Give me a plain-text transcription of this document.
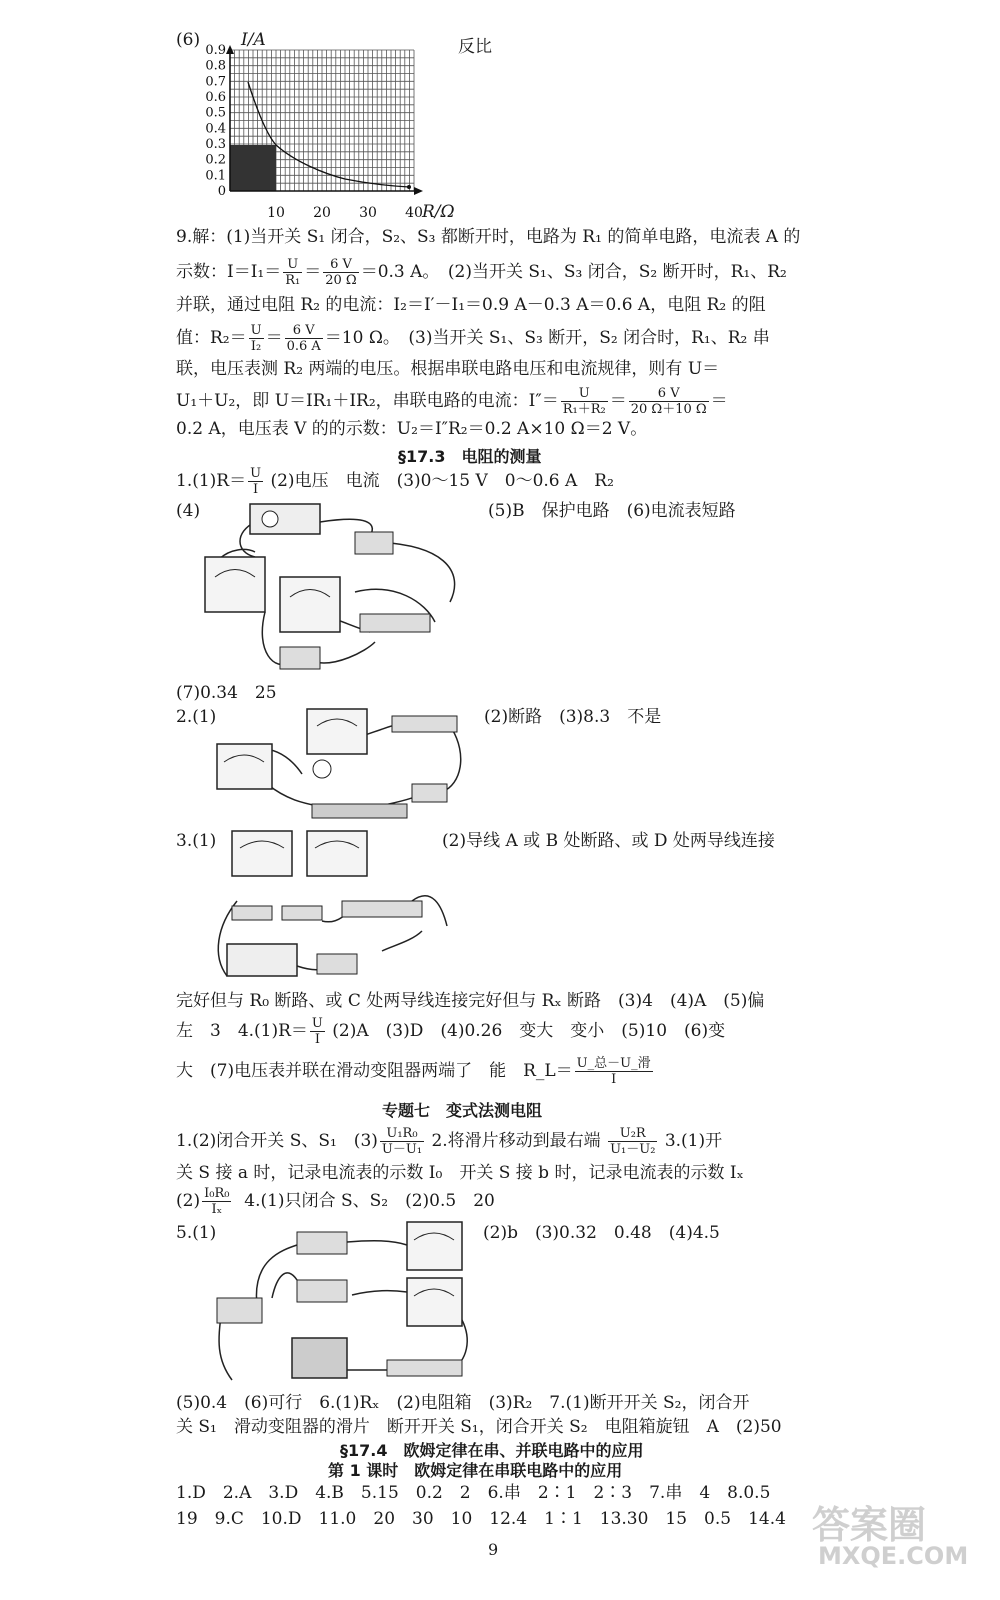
(6) I/A	反比
R/Ω
0
0.1
0.2
0.3
0.4
0.5
0.6
0.7
0.8
0.9
10 20 30 40
9.解：(1)当开关 S₁ 闭合，S₂、S₃ 都断开时，电路为 R₁ 的简单电路，电流表 A 的
示数：$I=I_1= \frac{U}{\text{R₁}} = \frac{6 V}{20 \Omega} =0.3$ A。　(2)当开关 S₁、S₃ 闭合，S₂ 断开时，R₁、R₂
并联，通过电阻 R₂ 的电流：I₂＝I′－I₁＝0.9 A－0.3 A＝0.6 A，电阻 R₂ 的阻
值：$R_2= \frac{U}{\text{I₂}} = \frac{6 V}{0.6 A} =10$ Ω。　(3)当开关 S₁、S₃ 断开，S₂ 闭合时，R₁、R₂ 串
联，电压表测 R₂ 两端的电压。根据串联电路电压和电流规律，则有 U＝
U₁＋U₂，即 U＝IR₁＋IR₂，串联电路的电流：$I''= \frac{U}{\text{R₁＋R₂}} = \frac{6 V}{20 \Omega+10 \Omega}$ ＝
0.2 A，电压表 V 的的示数：U₂＝I″R₂＝0.2 A×10 Ω＝2 V。
§17.3　电阻的测量
$1.(1)R= \frac{U}{I} (2)$电压　电流　(3)0～15 V　0～0.6 A　R₂
(4)	(5)B　保护电路　(6)电流表短路
(7)0.34　25
2.(1)	(2)断路　(3)8.3　不是
3.(1)	(2)导线 A 或 B 处断路、或 D 处两导线连接
完好但与 R₀ 断路、或 C 处两导线连接完好但与 Rₓ 断路　(3)4　(4)A　(5)偏
左　3　$4.(1)R= \frac{U}{I} (2)A$　(3)D　(4)0.26　变大　变小　(5)10　(6)变
大　(7)电压表并联在滑动变阻器两端了　能　R_L＝ $\frac{\text{U\_总－U\_滑}}{I}$
专题七　变式法测电阻
1.(2)闭合开关 S、S₁　$(3) \frac{\text{U₁R₀}}{\text{U－U₁}} 2$.将滑片移动到最右端 $\frac{\text{U₂R}}{\text{U₁－U₂}} 3.(1)$开
关 S 接 a 时，记录电流表的示数 I₀　开关 S 接 b 时，记录电流表的示数 Iₓ
$(2) \frac{\text{I₀R₀}}{\text{Iₓ}} 4.(1)$只闭合 S、S₂　(2)0.5　20
5.(1)	(2)b　(3)0.32　0.48　(4)4.5
(5)0.4　(6)可行　6.(1)Rₓ　(2)电阻箱　(3)R₂　7.(1)断开开关 S₂，闭合开
关 S₁　滑动变阻器的滑片　断开开关 S₁，闭合开关 S₂　电阻箱旋钮　A　(2)50
§17.4　欧姆定律在串、并联电路中的应用
第 1 课时　欧姆定律在串联电路中的应用
1.D　2.A　3.D　4.B　5.15　0.2　2　6.串　2∶1　2∶3　7.串　4　8.0.5
19　9.C　10.D　11.0　20　30　10　12.4　1∶1　13.30　15　0.5　14.4
9
答案圈
MXQE.COM
